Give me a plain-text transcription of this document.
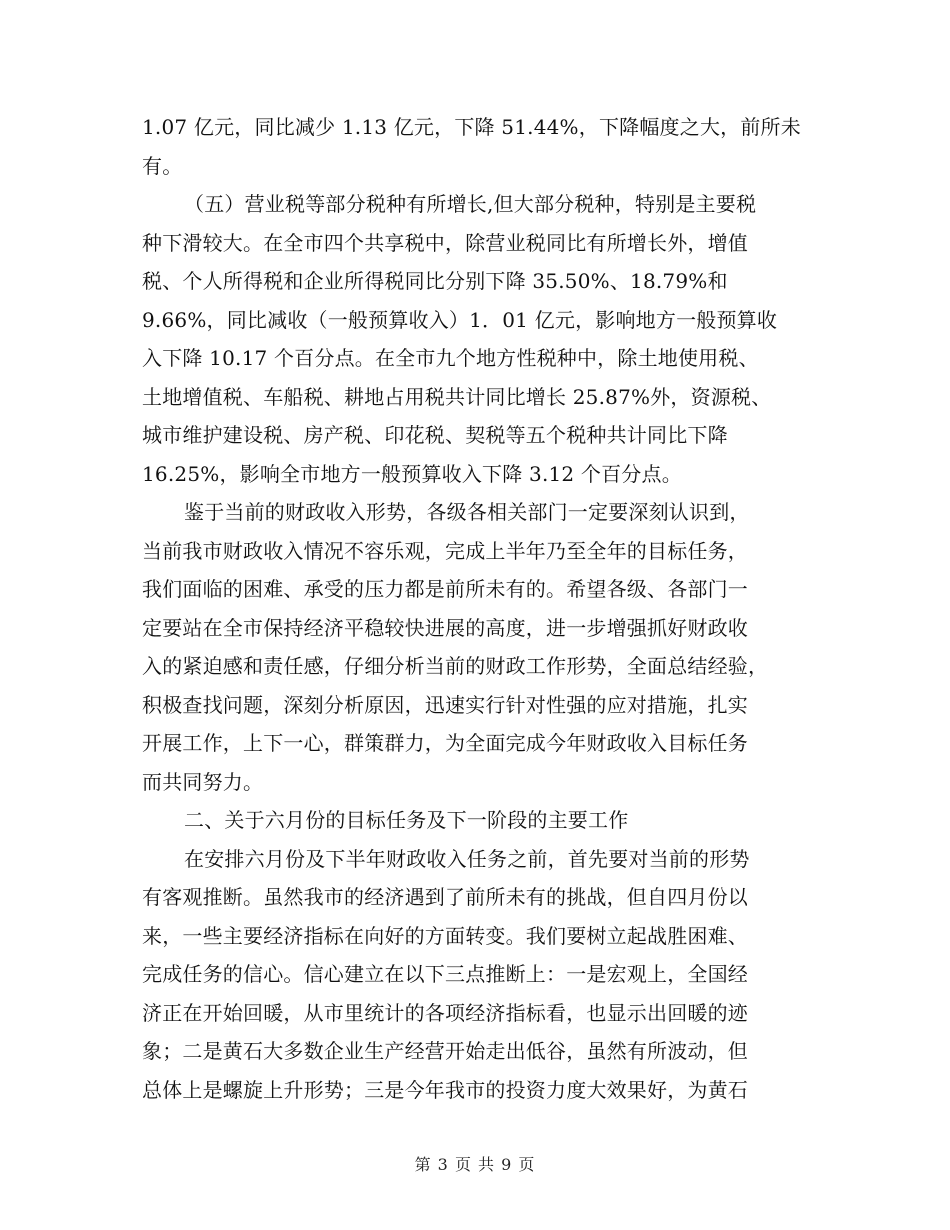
1.07 亿元，同比减少 1.13 亿元，下降 51.44%，下降幅度之大，前所未
有。
（五）营业税等部分税种有所增长,但大部分税种，特别是主要税
种下滑较大。在全市四个共享税中，除营业税同比有所增长外，增值
税、个人所得税和企业所得税同比分别下降 35.50%、18.79%和
9.66%，同比减收（一般预算收入）1．01 亿元，影响地方一般预算收
入下降 10.17 个百分点。在全市九个地方性税种中，除土地使用税、
土地增值税、车船税、耕地占用税共计同比增长 25.87%外，资源税、
城市维护建设税、房产税、印花税、契税等五个税种共计同比下降
16.25%，影响全市地方一般预算收入下降 3.12 个百分点。
鉴于当前的财政收入形势，各级各相关部门一定要深刻认识到，
当前我市财政收入情况不容乐观，完成上半年乃至全年的目标任务，
我们面临的困难、承受的压力都是前所未有的。希望各级、各部门一
定要站在全市保持经济平稳较快进展的高度，进一步增强抓好财政收
入的紧迫感和责任感，仔细分析当前的财政工作形势，全面总结经验，
积极查找问题，深刻分析原因，迅速实行针对性强的应对措施，扎实
开展工作，上下一心，群策群力，为全面完成今年财政收入目标任务
而共同努力。
二、关于六月份的目标任务及下一阶段的主要工作
在安排六月份及下半年财政收入任务之前，首先要对当前的形势
有客观推断。虽然我市的经济遇到了前所未有的挑战，但自四月份以
来，一些主要经济指标在向好的方面转变。我们要树立起战胜困难、
完成任务的信心。信心建立在以下三点推断上：一是宏观上，全国经
济正在开始回暖，从市里统计的各项经济指标看，也显示出回暖的迹
象；二是黄石大多数企业生产经营开始走出低谷，虽然有所波动，但
总体上是螺旋上升形势；三是今年我市的投资力度大效果好，为黄石
第 3 页 共 9 页
